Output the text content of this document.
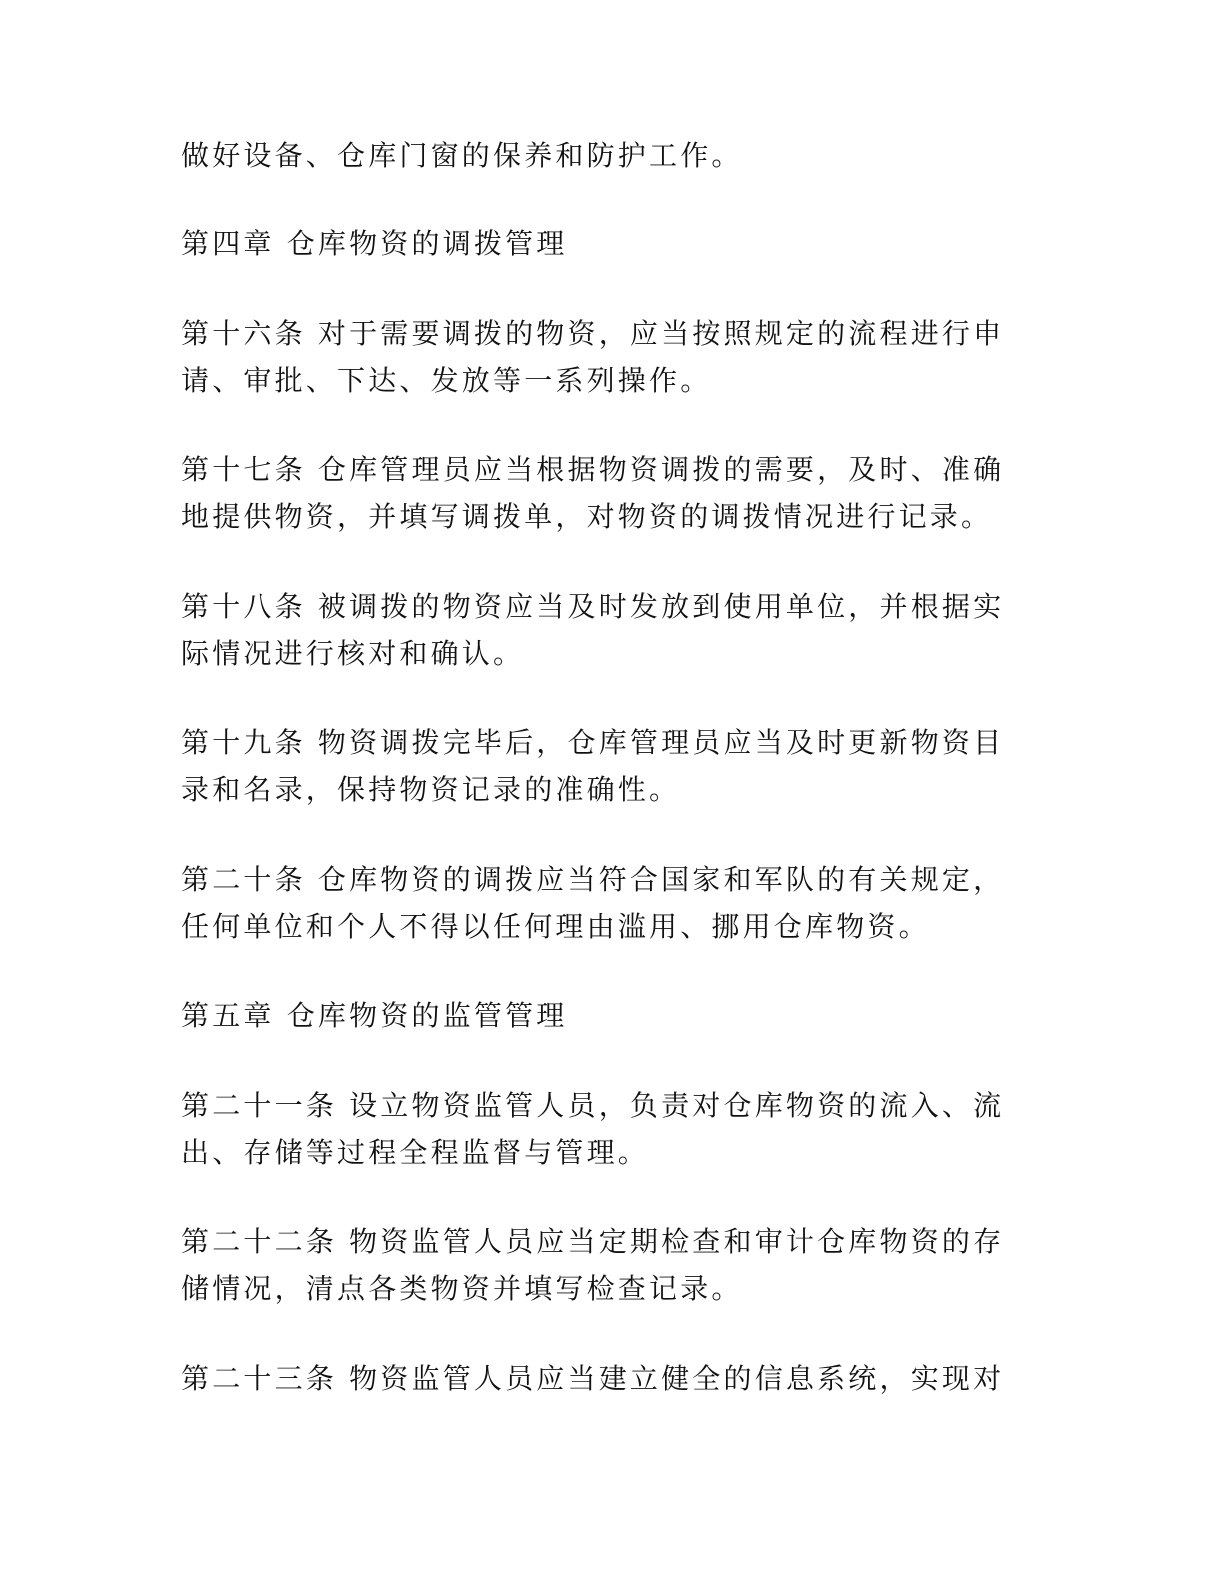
做好设备、仓库门窗的保养和防护工作。

第四章 仓库物资的调拨管理

第十六条 对于需要调拨的物资，应当按照规定的流程进行申
请、审批、下达、发放等一系列操作。

第十七条 仓库管理员应当根据物资调拨的需要，及时、准确
地提供物资，并填写调拨单，对物资的调拨情况进行记录。

第十八条 被调拨的物资应当及时发放到使用单位，并根据实
际情况进行核对和确认。

第十九条 物资调拨完毕后，仓库管理员应当及时更新物资目
录和名录，保持物资记录的准确性。

第二十条 仓库物资的调拨应当符合国家和军队的有关规定，
任何单位和个人不得以任何理由滥用、挪用仓库物资。

第五章 仓库物资的监管管理

第二十一条 设立物资监管人员，负责对仓库物资的流入、流
出、存储等过程全程监督与管理。

第二十二条 物资监管人员应当定期检查和审计仓库物资的存
储情况，清点各类物资并填写检查记录。

第二十三条 物资监管人员应当建立健全的信息系统，实现对
